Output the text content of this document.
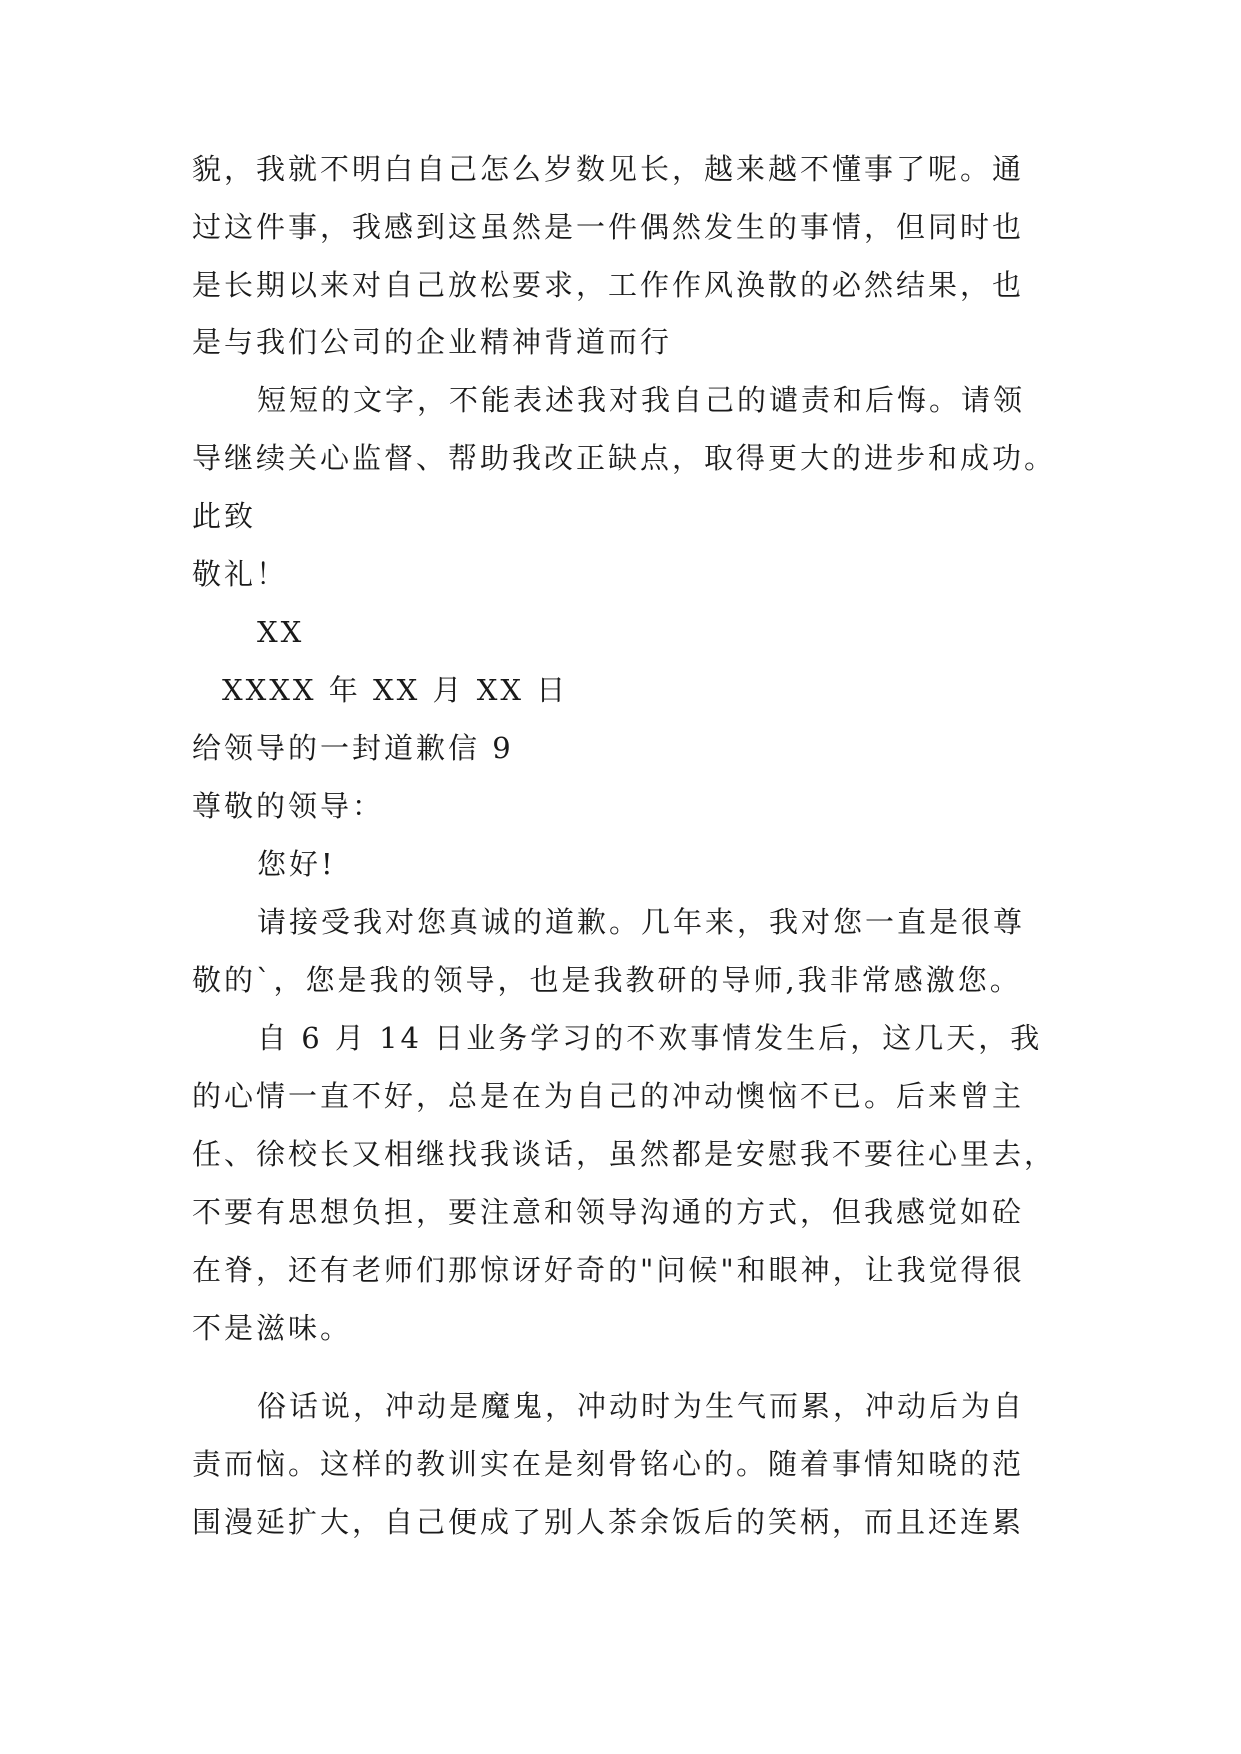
貌，我就不明白自己怎么岁数见长，越来越不懂事了呢。通
过这件事，我感到这虽然是一件偶然发生的事情，但同时也
是长期以来对自己放松要求，工作作风涣散的必然结果，也
是与我们公司的企业精神背道而行
短短的文字，不能表述我对我自己的谴责和后悔。请领
导继续关心监督、帮助我改正缺点，取得更大的进步和成功。
此致
敬礼！
XX
XXXX 年 XX 月 XX 日
给领导的一封道歉信 9
尊敬的领导：
您好!
请接受我对您真诚的道歉。几年来，我对您一直是很尊
敬的`，您是我的领导，也是我教研的导师,我非常感激您。
自 6 月 14 日业务学习的不欢事情发生后，这几天，我
的心情一直不好，总是在为自己的冲动懊恼不已。后来曾主
任、徐校长又相继找我谈话，虽然都是安慰我不要往心里去，
不要有思想负担，要注意和领导沟通的方式，但我感觉如砼
在脊，还有老师们那惊讶好奇的"问候"和眼神，让我觉得很
不是滋味。
俗话说，冲动是魔鬼，冲动时为生气而累，冲动后为自
责而恼。这样的教训实在是刻骨铭心的。随着事情知晓的范
围漫延扩大，自己便成了别人茶余饭后的笑柄，而且还连累
